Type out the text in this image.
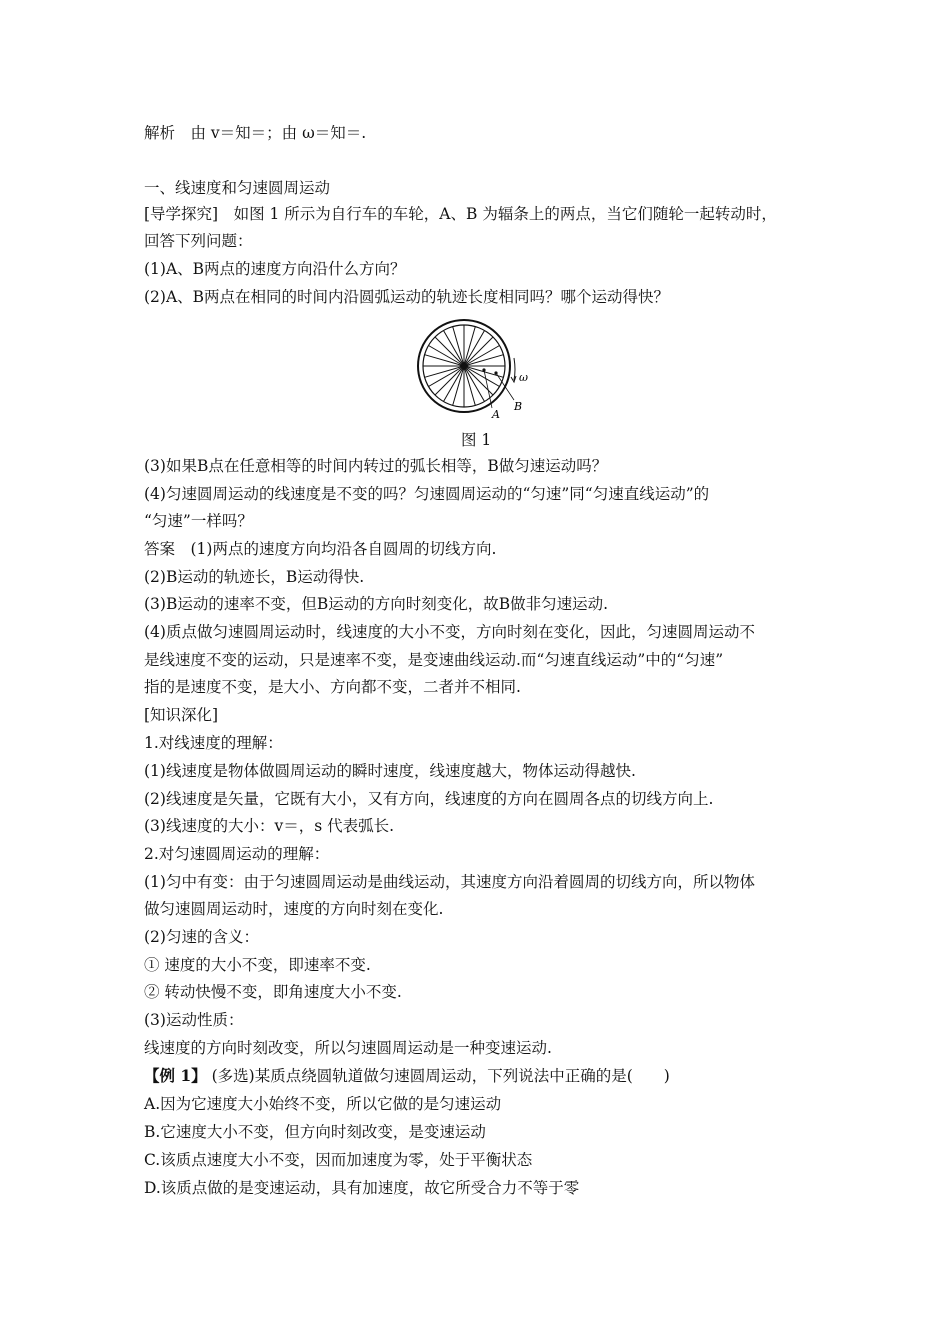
解析　由 v＝知＝；由 ω＝知＝.
一、线速度和匀速圆周运动
[导学探究]　如图 1 所示为自行车的车轮，A、B 为辐条上的两点，当它们随轮一起转动时，
回答下列问题：
(1)A、B两点的速度方向沿什么方向？
(2)A、B两点在相同的时间内沿圆弧运动的轨迹长度相同吗？哪个运动得快？
ω
B
A
图 1
(3)如果B点在任意相等的时间内转过的弧长相等，B做匀速运动吗？
(4)匀速圆周运动的线速度是不变的吗？匀速圆周运动的“匀速”同“匀速直线运动”的
“匀速”一样吗？
答案　(1)两点的速度方向均沿各自圆周的切线方向.
(2)B运动的轨迹长，B运动得快.
(3)B运动的速率不变，但B运动的方向时刻变化，故B做非匀速运动.
(4)质点做匀速圆周运动时，线速度的大小不变，方向时刻在变化，因此，匀速圆周运动不
是线速度不变的运动，只是速率不变，是变速曲线运动.而“匀速直线运动”中的“匀速”
指的是速度不变，是大小、方向都不变，二者并不相同.
[知识深化]
1.对线速度的理解：
(1)线速度是物体做圆周运动的瞬时速度，线速度越大，物体运动得越快.
(2)线速度是矢量，它既有大小，又有方向，线速度的方向在圆周各点的切线方向上.
(3)线速度的大小：v＝，s 代表弧长.
2.对匀速圆周运动的理解：
(1)匀中有变：由于匀速圆周运动是曲线运动，其速度方向沿着圆周的切线方向，所以物体
做匀速圆周运动时，速度的方向时刻在变化.
(2)匀速的含义：
① 速度的大小不变，即速率不变.
② 转动快慢不变，即角速度大小不变.
(3)运动性质：
线速度的方向时刻改变，所以匀速圆周运动是一种变速运动.
【例 1】 (多选)某质点绕圆轨道做匀速圆周运动，下列说法中正确的是(　　)
A.因为它速度大小始终不变，所以它做的是匀速运动
B.它速度大小不变，但方向时刻改变，是变速运动
C.该质点速度大小不变，因而加速度为零，处于平衡状态
D.该质点做的是变速运动，具有加速度，故它所受合力不等于零
